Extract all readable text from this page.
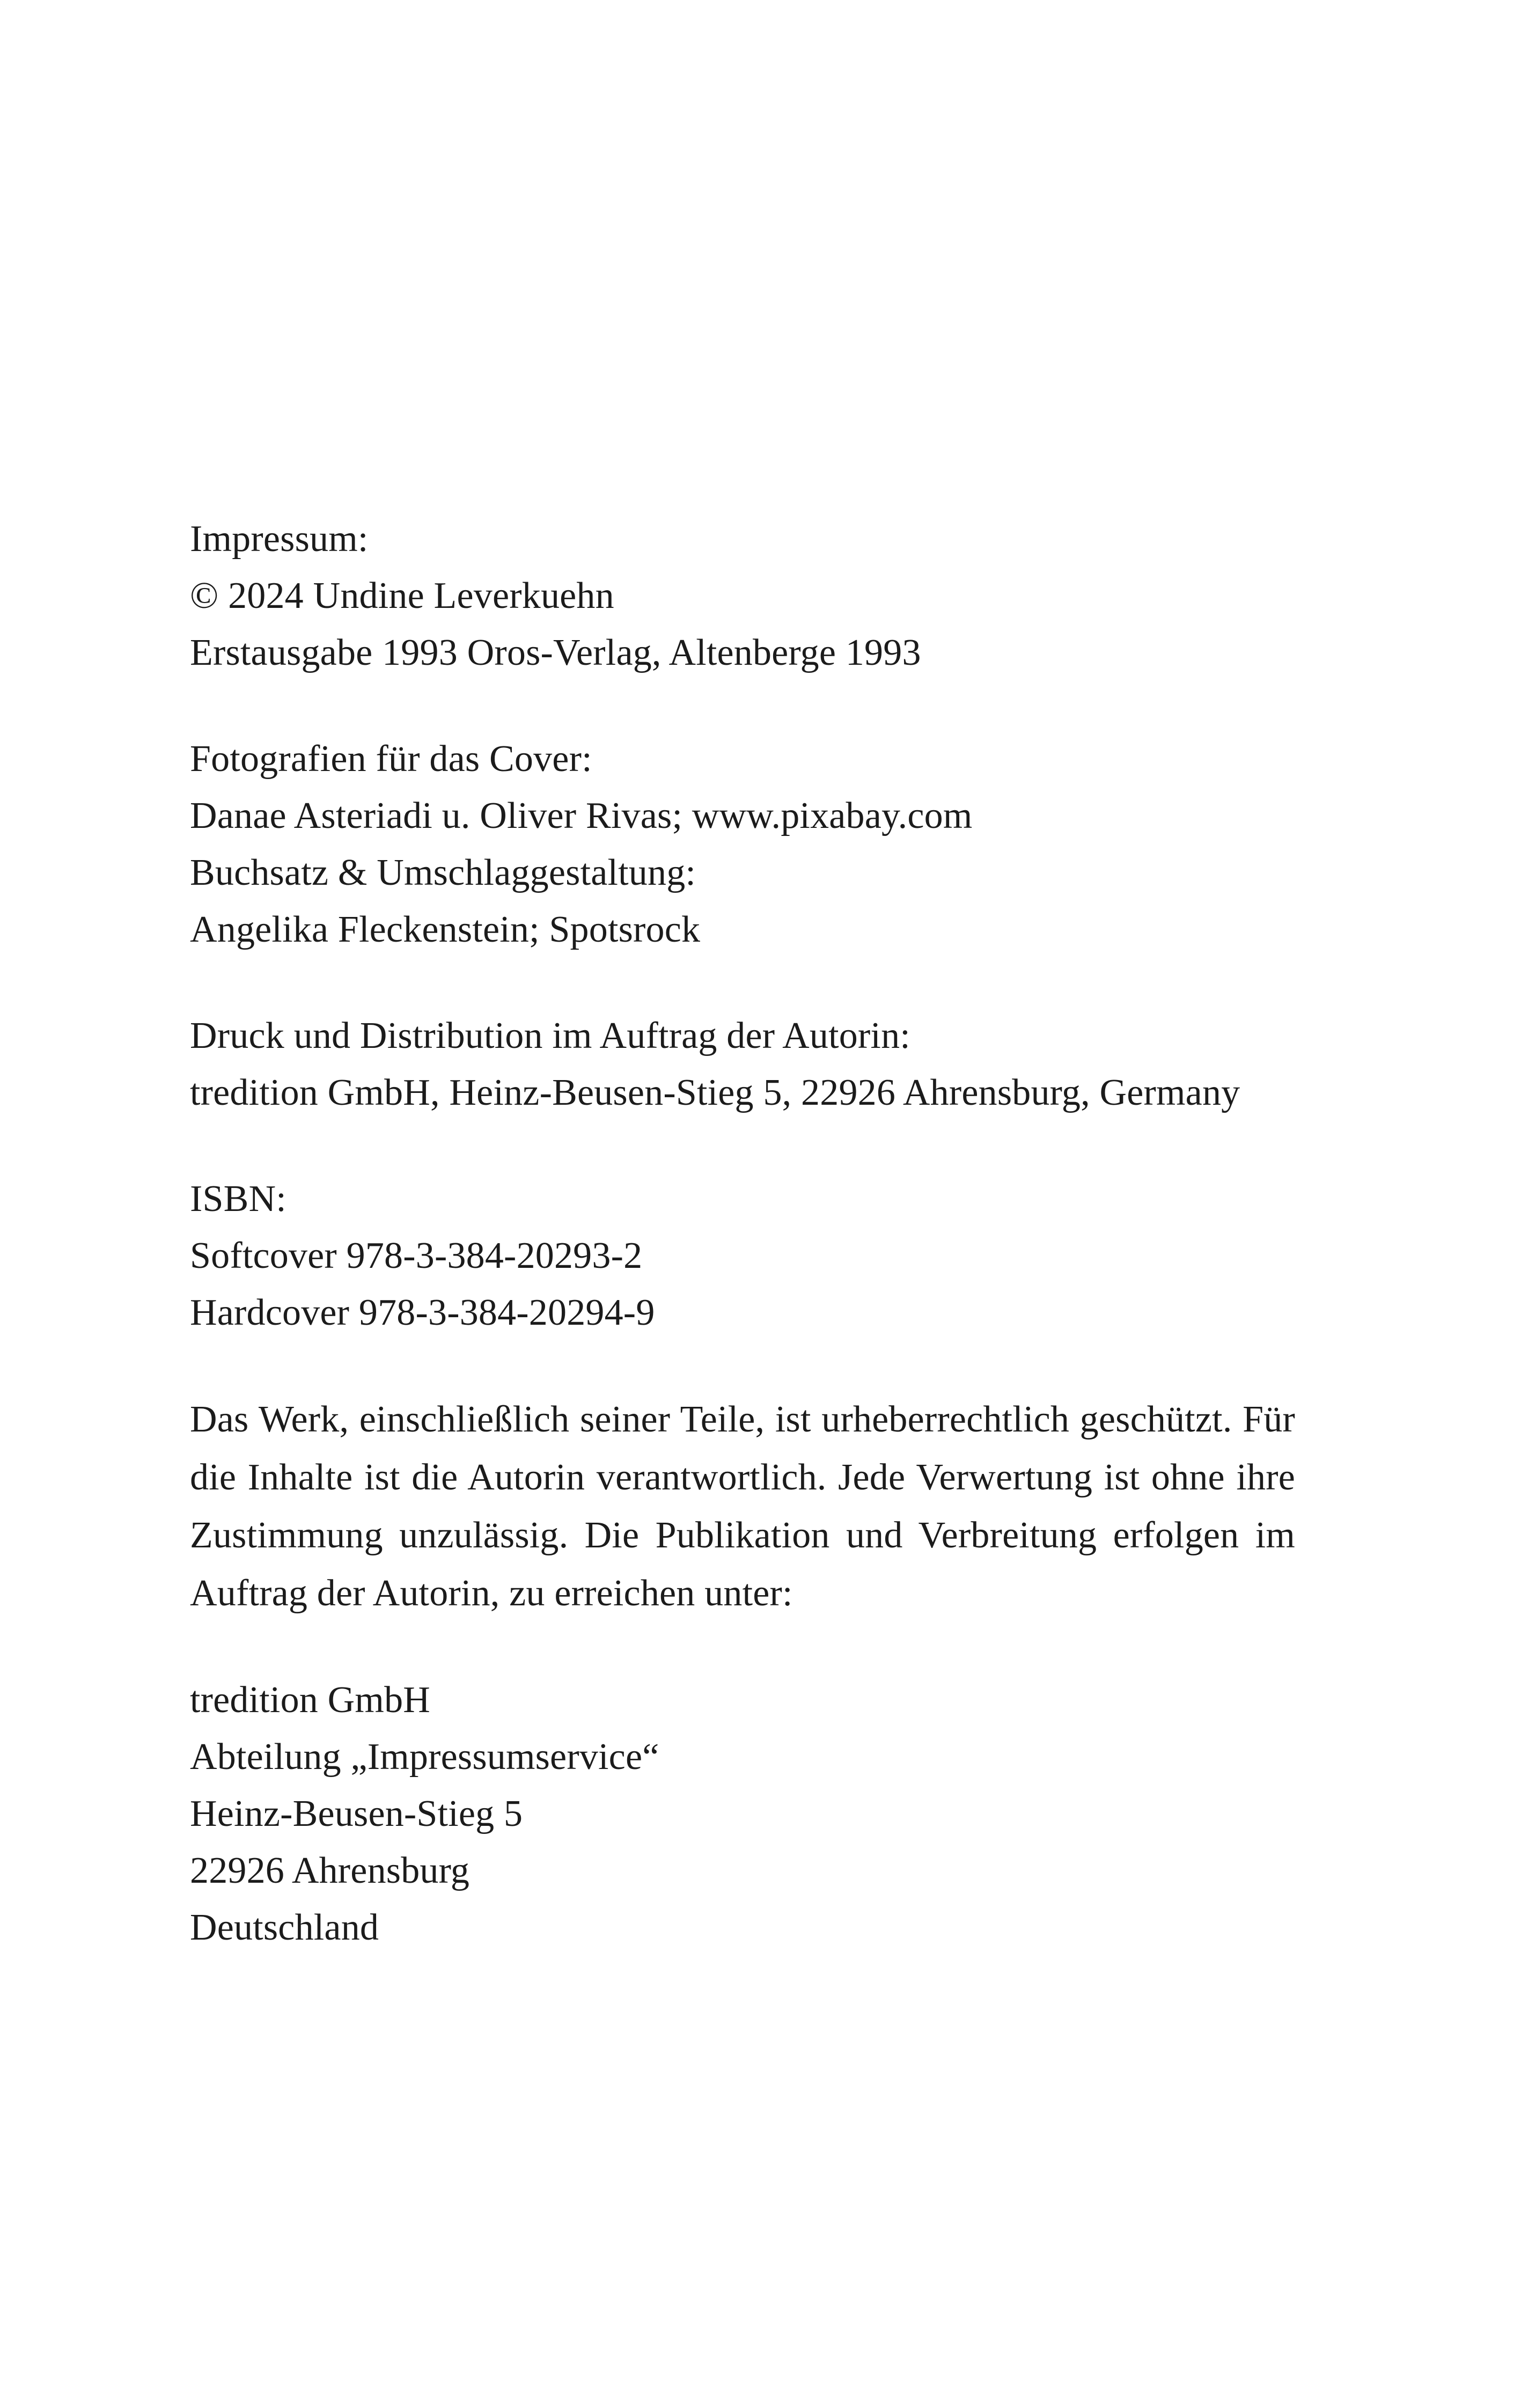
Impressum:
© 2024 Undine Leverkuehn
Erstausgabe 1993 Oros-Verlag, Altenberge 1993
Fotografien für das Cover:
Danae Asteriadi u. Oliver Rivas; www.pixabay.com
Buchsatz & Umschlaggestaltung:
Angelika Fleckenstein; Spotsrock
Druck und Distribution im Auftrag der Autorin:
tredition GmbH, Heinz-Beusen-Stieg 5, 22926 Ahrensburg, Germany
ISBN:
Softcover 978-3-384-20293-2
Hardcover 978-3-384-20294-9
Das Werk, einschließlich seiner Teile, ist urheberrechtlich geschützt. Für
die Inhalte ist die Autorin verantwortlich. Jede Verwertung ist ohne ihre
Zustimmung unzulässig. Die Publikation und Verbreitung erfolgen im
Auftrag der Autorin, zu erreichen unter:
tredition GmbH
Abteilung „Impressumservice“
Heinz-Beusen-Stieg 5
22926 Ahrensburg
Deutschland
